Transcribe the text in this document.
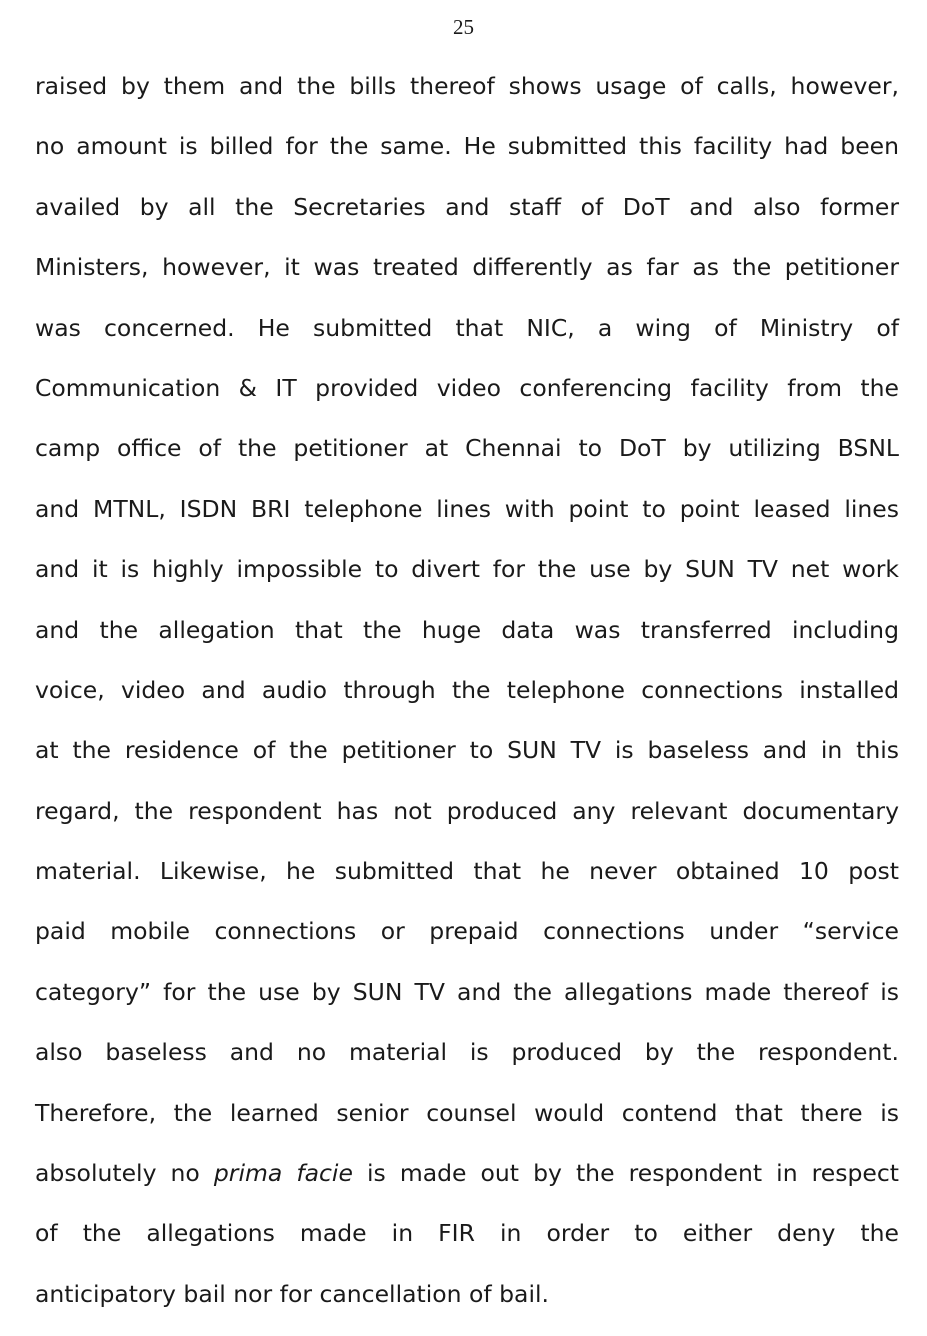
25
raised by them and the bills thereof shows usage of calls, however,
no amount is billed for the same. He submitted this facility had been
availed by all the Secretaries and staff of DoT and also former
Ministers, however, it was treated differently as far as the petitioner
was concerned. He submitted that NIC, a wing of Ministry of
Communication & IT provided video conferencing facility from the
camp office of the petitioner at Chennai to DoT by utilizing BSNL
and MTNL, ISDN BRI telephone lines with point to point leased lines
and it is highly impossible to divert for the use by SUN TV net work
and the allegation that the huge data was transferred including
voice, video and audio through the telephone connections installed
at the residence of the petitioner to SUN TV is baseless and in this
regard, the respondent has not produced any relevant documentary
material. Likewise, he submitted that he never obtained 10 post
paid mobile connections or prepaid connections under “service
category” for the use by SUN TV and the allegations made thereof is
also baseless and no material is produced by the respondent.
Therefore, the learned senior counsel would contend that there is
absolutely no prima facie is made out by the respondent in respect
of the allegations made in FIR in order to either deny the
anticipatory bail nor for cancellation of bail.
